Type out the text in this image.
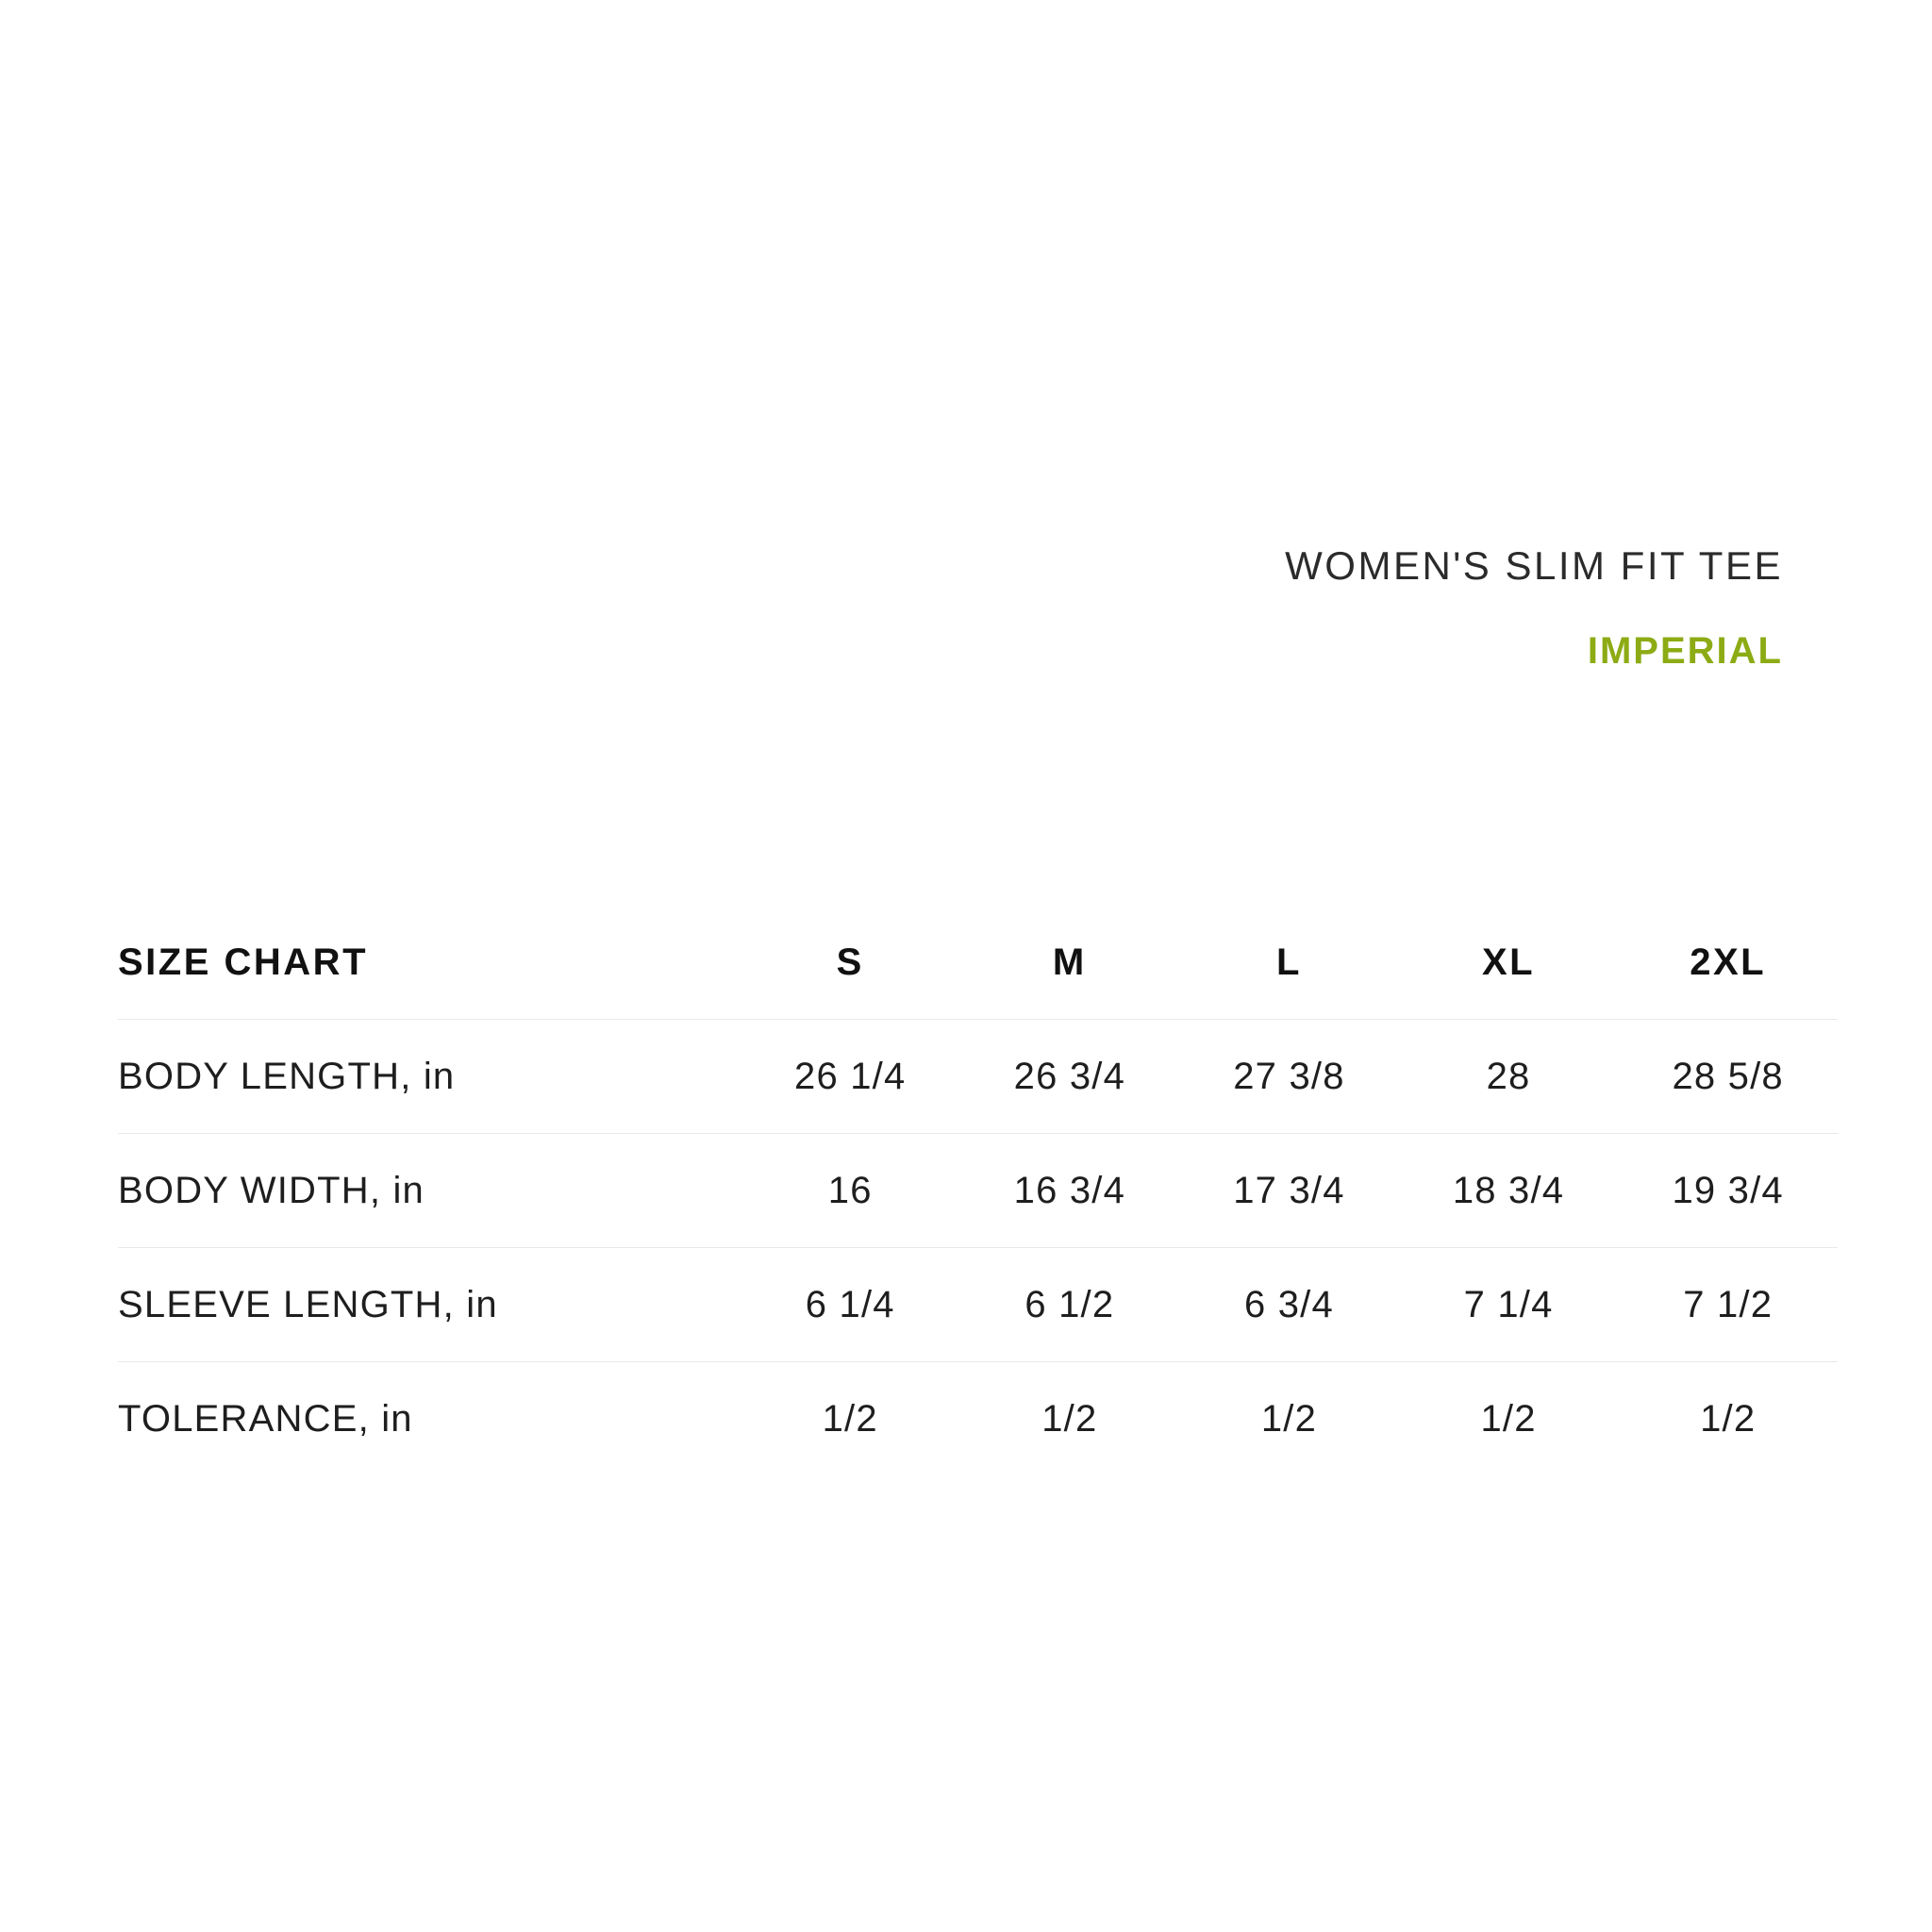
WOMEN'S SLIM FIT TEE
IMPERIAL
SIZE CHART	S	M	L	XL	2XL
BODY LENGTH, in	26 1/4	26 3/4	27 3/8	28	28 5/8
BODY WIDTH, in	16	16 3/4	17 3/4	18 3/4	19 3/4
SLEEVE LENGTH, in	6 1/4	6 1/2	6 3/4	7 1/4	7 1/2
TOLERANCE, in	1/2	1/2	1/2	1/2	1/2
